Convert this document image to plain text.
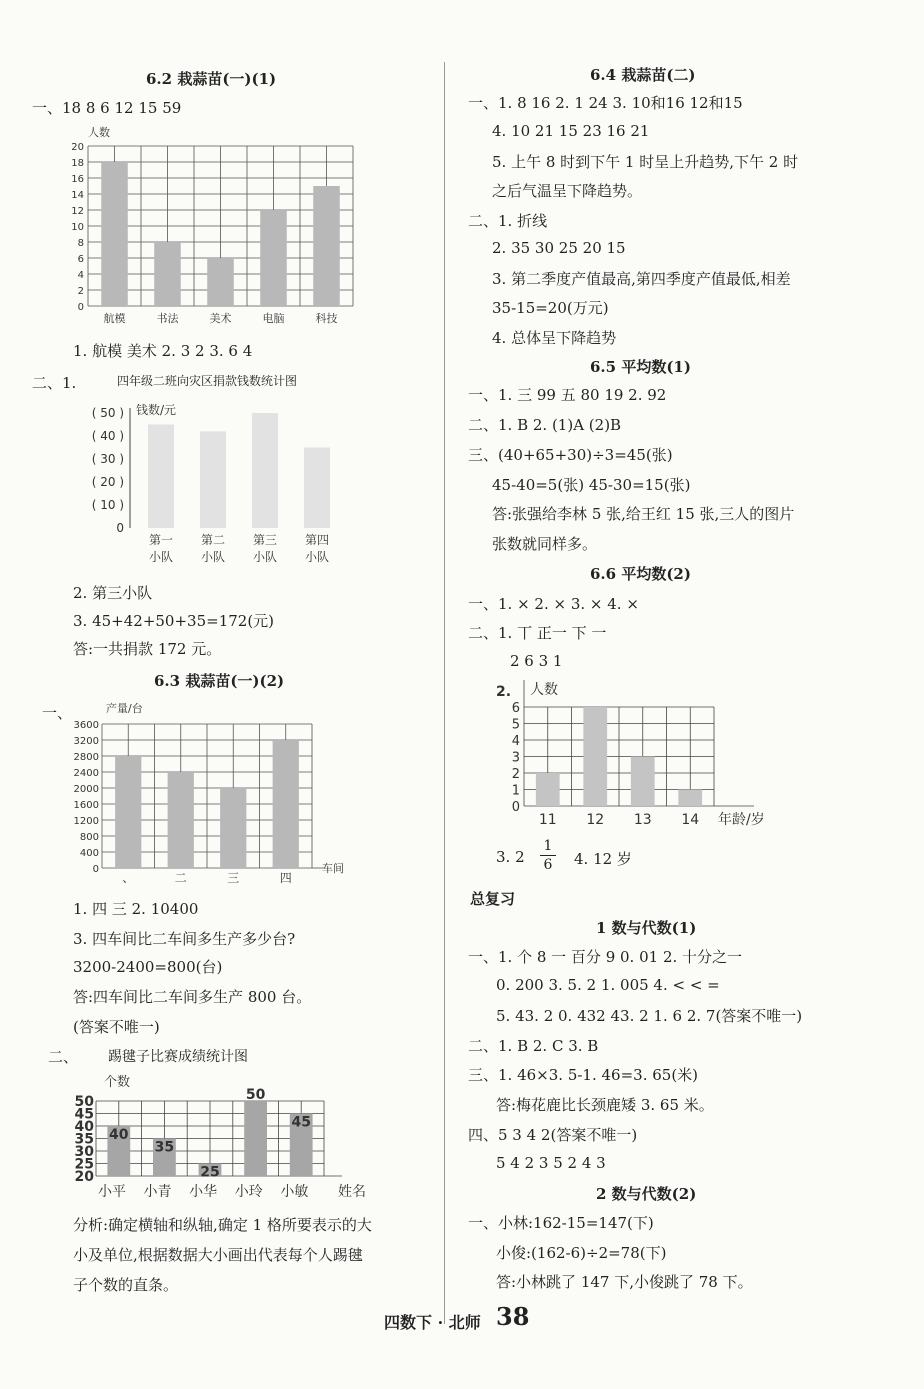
6.2 栽蒜苗(一)(1)
一、18 8 6 12 15 59
人数
20
18
16
14
12
10
8
6
4
2
0
航模	书法	美术	电脑	科技
1. 航模 美术 2. 3 2 3. 6 4
二、1.	四年级二班向灾区捐款钱数统计图
钱数/元
( 50 )
( 40 )
( 30 )
( 20 )
( 10 )
0
第一 第二 第三 第四
小队 小队 小队 小队
2. 第三小队
3. 45+42+50+35=172(元)
答:一共捐款 172 元。
6.3 栽蒜苗(一)(2)
一、	产量/台
3600
3200
2800
2400
2000
1600
1200
800
400
0
、	二	三	四
车间
1. 四 三 2. 10400
3. 四车间比二车间多生产多少台?
3200-2400=800(台)
答:四车间比二车间多生产 800 台。
(答案不唯一)
二、 踢毽子比赛成绩统计图
个数
50
45
40
35
30
25
20
40
35
25
50
45
小平 小青 小华 小玲 小敏 姓名
分析:确定横轴和纵轴,确定 1 格所要表示的大
小及单位,根据数据大小画出代表每个人踢毽
子个数的直条。
6.4 栽蒜苗(二)
一、1. 8 16 2. 1 24 3. 10和16 12和15
4. 10 21 15 23 16 21
5. 上午 8 时到下午 1 时呈上升趋势,下午 2 时
之后气温呈下降趋势。
二、1. 折线
2. 35 30 25 20 15
3. 第二季度产值最高,第四季度产值最低,相差
35-15=20(万元)
4. 总体呈下降趋势
6.5 平均数(1)
一、1. 三 99 五 80 19 2. 92
二、1. B 2. (1)A (2)B
三、(40+65+30)÷3=45(张)
45-40=5(张) 45-30=15(张)
答:张强给李林 5 张,给王红 15 张,三人的图片
张数就同样多。
6.6 平均数(2)
一、1. × 2. × 3. × 4. ×
二、1. 丅 正一 下 一
2 6 3 1
2. 人数
6
5
4
3
2
1
0
11 12 13 14 年龄/岁
3. 2
1
6 4. 12 岁
总复习
1 数与代数(1)
一、1. 个 8 一 百分 9 0. 01 2. 十分之一
0. 200 3. 5. 2 1. 005 4. < < =
5. 43. 2 0. 432 43. 2 1. 6 2. 7(答案不唯一)
二、1. B 2. C 3. B
三、1. 46×3. 5-1. 46=3. 65(米)
答:梅花鹿比长颈鹿矮 3. 65 米。
四、5 3 4 2(答案不唯一)
5 4 2 3 5 2 4 3
2 数与代数(2)
一、小林:162-15=147(下)
小俊:(162-6)÷2=78(下)
答:小林跳了 147 下,小俊跳了 78 下。
四数下 · 北师 38
